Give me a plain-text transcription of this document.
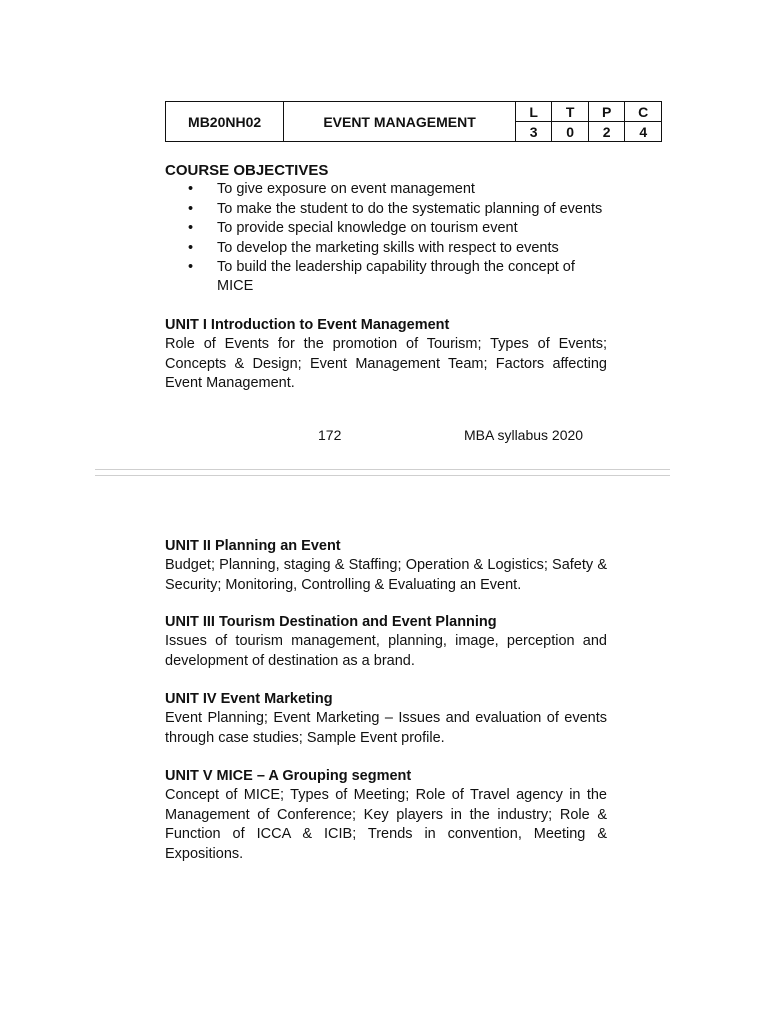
MB20NH02	EVENT MANAGEMENT	L	T	P	C
		3	0	2	4
COURSE OBJECTIVES
• To give exposure on event management
• To make the student to do the systematic planning of events
• To provide special knowledge on tourism event
• To develop the marketing skills with respect to events
• To build the leadership capability through the concept of MICE
UNIT I Introduction to Event Management
Role of Events for the promotion of Tourism; Types of Events; Concepts & Design; Event Management Team; Factors affecting Event Management.
172	MBA syllabus 2020
UNIT II Planning an Event
Budget; Planning, staging & Staffing; Operation & Logistics; Safety & Security; Monitoring, Controlling & Evaluating an Event.
UNIT III Tourism Destination and Event Planning
Issues of tourism management, planning, image, perception and development of destination as a brand.
UNIT IV Event Marketing
Event Planning; Event Marketing – Issues and evaluation of events through case studies; Sample Event profile.
UNIT V MICE – A Grouping segment
Concept of MICE; Types of Meeting; Role of Travel agency in the Management of Conference; Key players in the industry; Role & Function of ICCA & ICIB; Trends in convention, Meeting & Expositions.
